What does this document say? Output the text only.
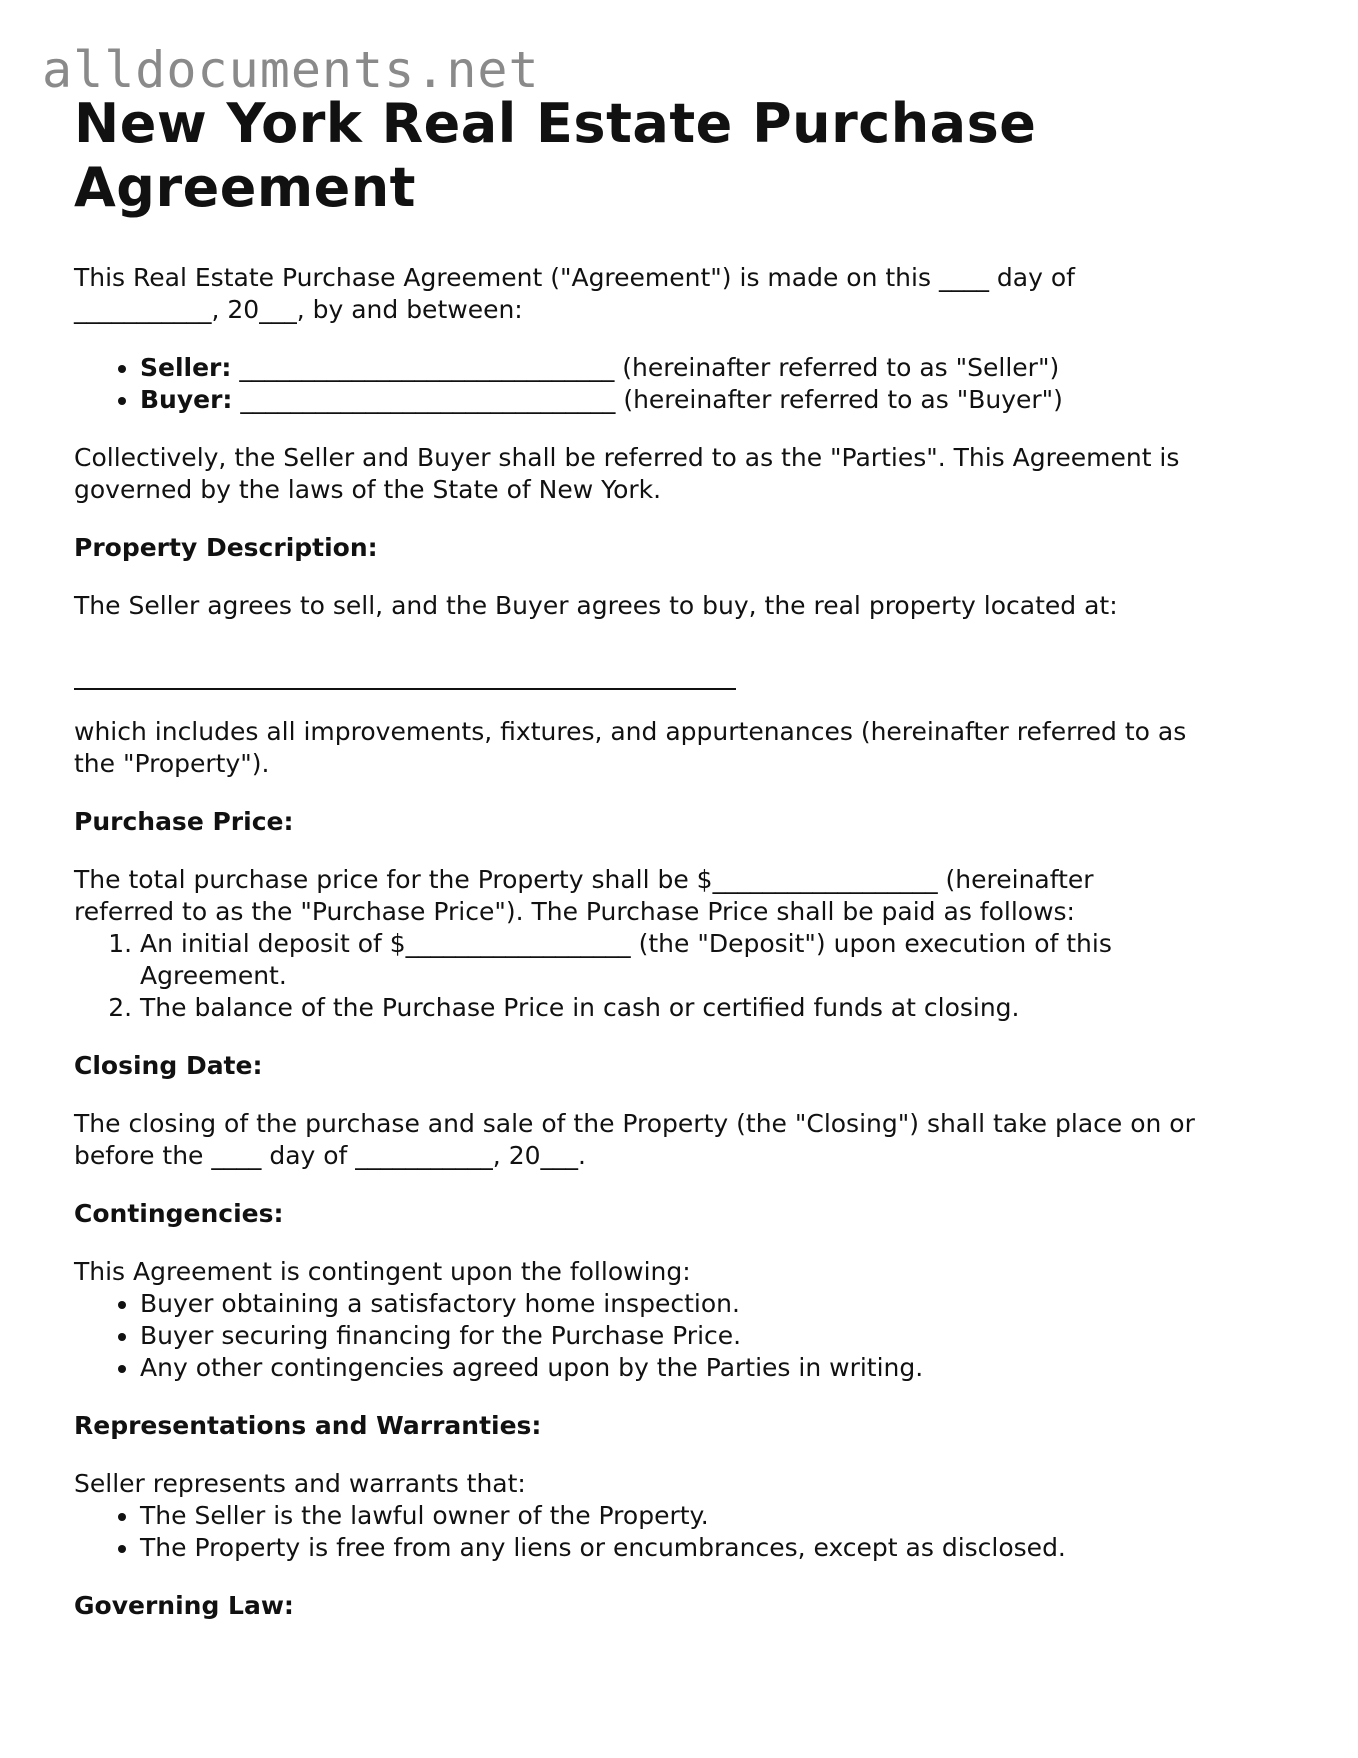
alldocuments.net
New York Real Estate Purchase
Agreement

This Real Estate Purchase Agreement ("Agreement") is made on this ____ day of
___________, 20___, by and between:

• Seller: ______________________________ (hereinafter referred to as "Seller")
• Buyer: ______________________________ (hereinafter referred to as "Buyer")

Collectively, the Seller and Buyer shall be referred to as the "Parties". This Agreement is
governed by the laws of the State of New York.

Property Description:

The Seller agrees to sell, and the Buyer agrees to buy, the real property located at:

which includes all improvements, fixtures, and appurtenances (hereinafter referred to as
the "Property").

Purchase Price:

The total purchase price for the Property shall be $__________________ (hereinafter
referred to as the "Purchase Price"). The Purchase Price shall be paid as follows:

1. An initial deposit of $__________________ (the "Deposit") upon execution of this Agreement.
2. The balance of the Purchase Price in cash or certified funds at closing.
Closing Date:

The closing of the purchase and sale of the Property (the "Closing") shall take place on or
before the ____ day of ___________, 20___.

Contingencies:

This Agreement is contingent upon the following:

• Buyer obtaining a satisfactory home inspection.
• Buyer securing financing for the Purchase Price.
• Any other contingencies agreed upon by the Parties in writing.
Representations and Warranties:

Seller represents and warrants that:

• The Seller is the lawful owner of the Property.
• The Property is free from any liens or encumbrances, except as disclosed.
Governing Law:
